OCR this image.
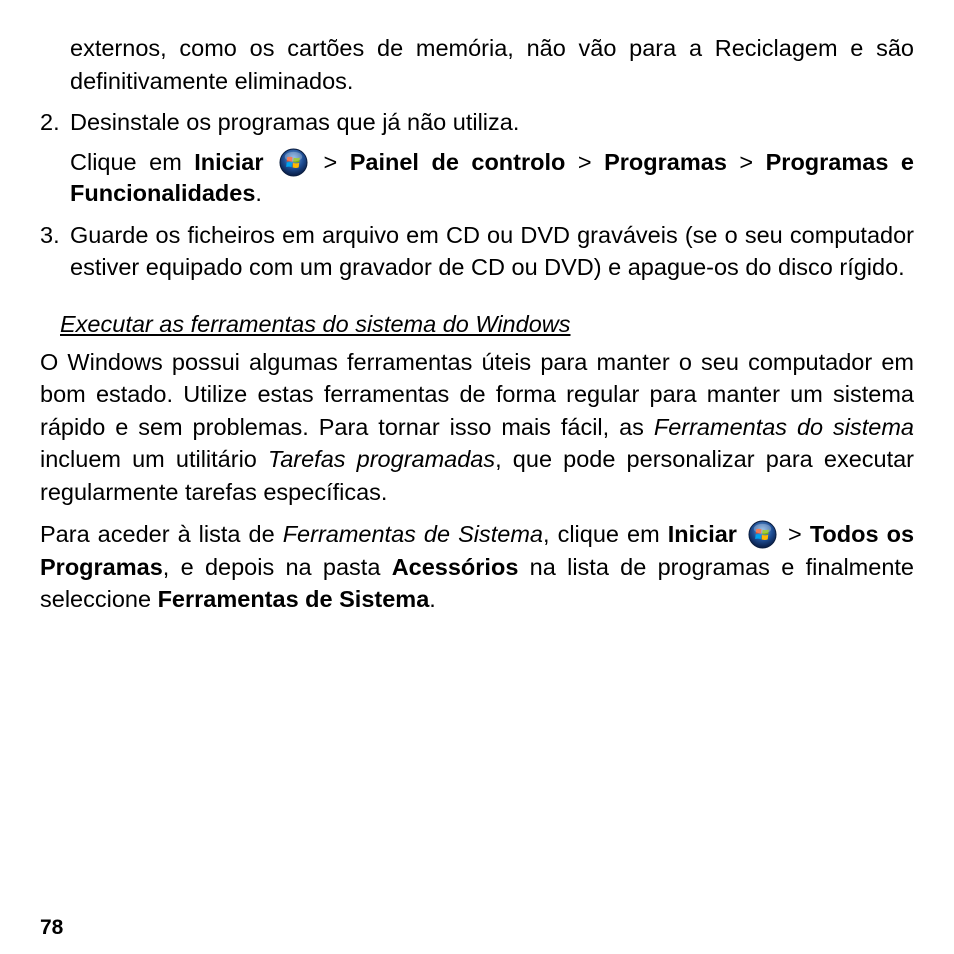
externos, como os cartões de memória, não vão para a Reciclagem e são definitivamente eliminados.

2. Desinstale os programas que já não utiliza.

Clique em Iniciar	> Painel de controlo > Programas > Programas e Funcionalidades.

3. Guarde os ficheiros em arquivo em CD ou DVD graváveis (se o seu computador estiver equipado com um gravador de CD ou DVD) e apague-os do disco rígido.

Executar as ferramentas do sistema do Windows

O Windows possui algumas ferramentas úteis para manter o seu computador em bom estado. Utilize estas ferramentas de forma regular para manter um sistema rápido e sem problemas. Para tornar isso mais fácil, as Ferramentas do sistema incluem um utilitário Tarefas programadas, que pode personalizar para executar regularmente tarefas específicas.

Para aceder à lista de Ferramentas de Sistema, clique em Iniciar  > Todos os Programas, e depois na pasta Acessórios na lista de programas e finalmente seleccione Ferramentas de Sistema.

78
